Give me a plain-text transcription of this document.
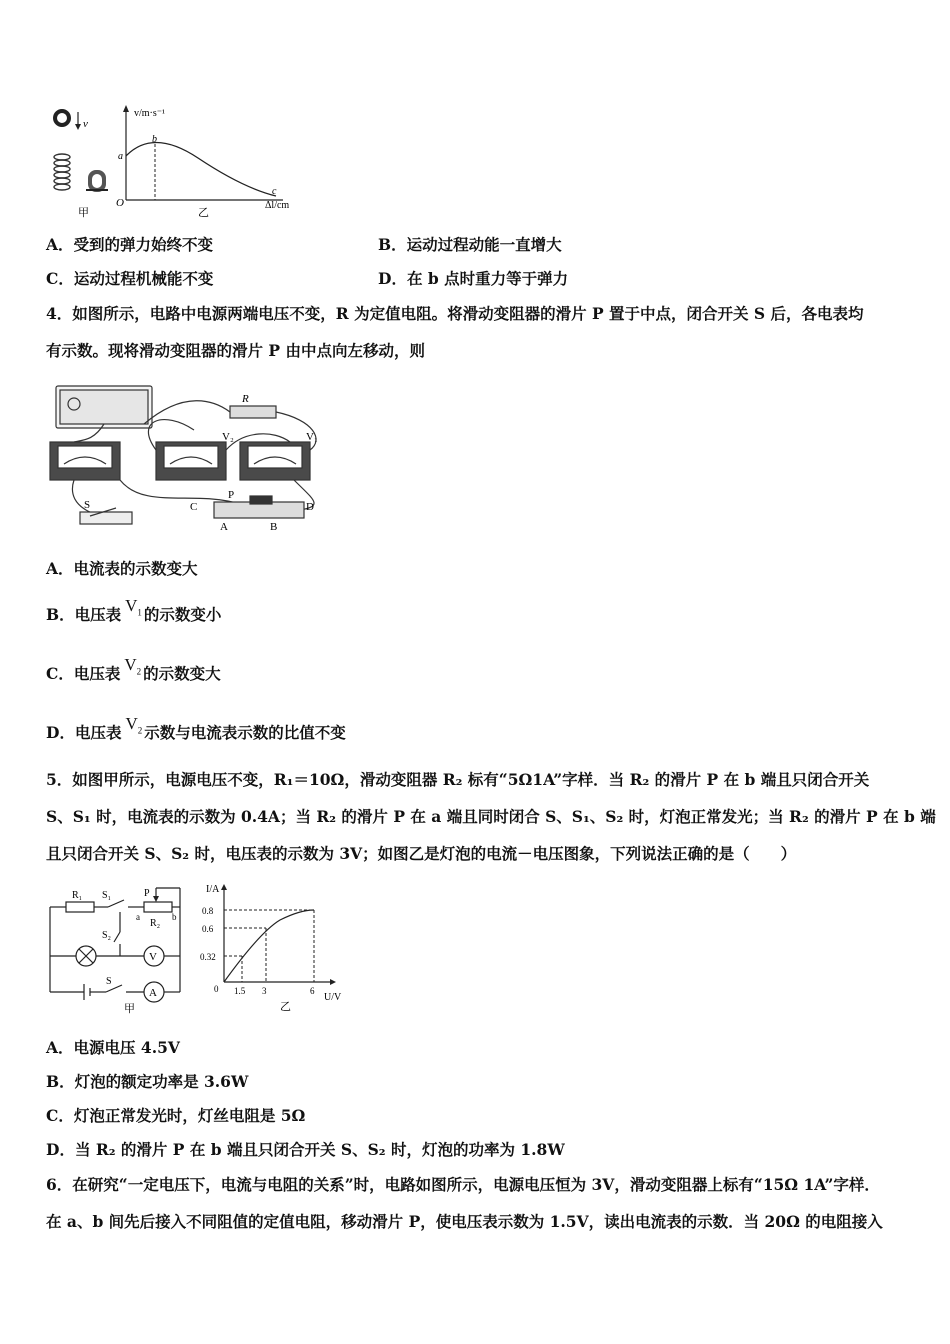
v
甲
v/m·s⁻¹
Δl/cm
O
a
b
c
乙
A．受到的弹力始终不变	B．运动过程动能一直增大
C．运动过程机械能不变	D．在 b 点时重力等于弹力
4．如图所示，电路中电源两端电压不变，R 为定值电阻。将滑动变阻器的滑片 P 置于中点，闭合开关 S 后，各电表均
有示数。现将滑动变阻器的滑片 P 由中点向左移动，则
R
V₂	V₁
S
P
C	D
A	B
A．电流表的示数变大
B．电压表 $V_1$ 的示数变小
C．电压表 $V_2$ 的示数变大
D．电压表 $V_2$ 示数与电流表示数的比值不变
5．如图甲所示，电源电压不变，R₁＝10Ω，滑动变阻器 R₂ 标有“5Ω1A”字样．当 R₂ 的滑片 P 在 b 端且只闭合开关
S、S₁ 时，电流表的示数为 0.4A；当 R₂ 的滑片 P 在 a 端且同时闭合 S、S₁、S₂ 时，灯泡正常发光；当 R₂ 的滑片 P 在 b 端
且只闭合开关 S、S₂ 时，电压表的示数为 3V；如图乙是灯泡的电流－电压图象，下列说法正确的是（　　）
R₁ S₁	P
a	b
R₂
S₂
V
S
A
甲
I/A
0.8
0.6
0.32
0 1.5 3	6
U/V
乙
A．电源电压 4.5V
B．灯泡的额定功率是 3.6W
C．灯泡正常发光时，灯丝电阻是 5Ω
D．当 R₂ 的滑片 P 在 b 端且只闭合开关 S、S₂ 时，灯泡的功率为 1.8W
6．在研究“一定电压下，电流与电阻的关系”时，电路如图所示，电源电压恒为 3V，滑动变阻器上标有“15Ω 1A”字样．
在 a、b 间先后接入不同阻值的定值电阻，移动滑片 P，使电压表示数为 1.5V，读出电流表的示数．当 20Ω 的电阻接入
